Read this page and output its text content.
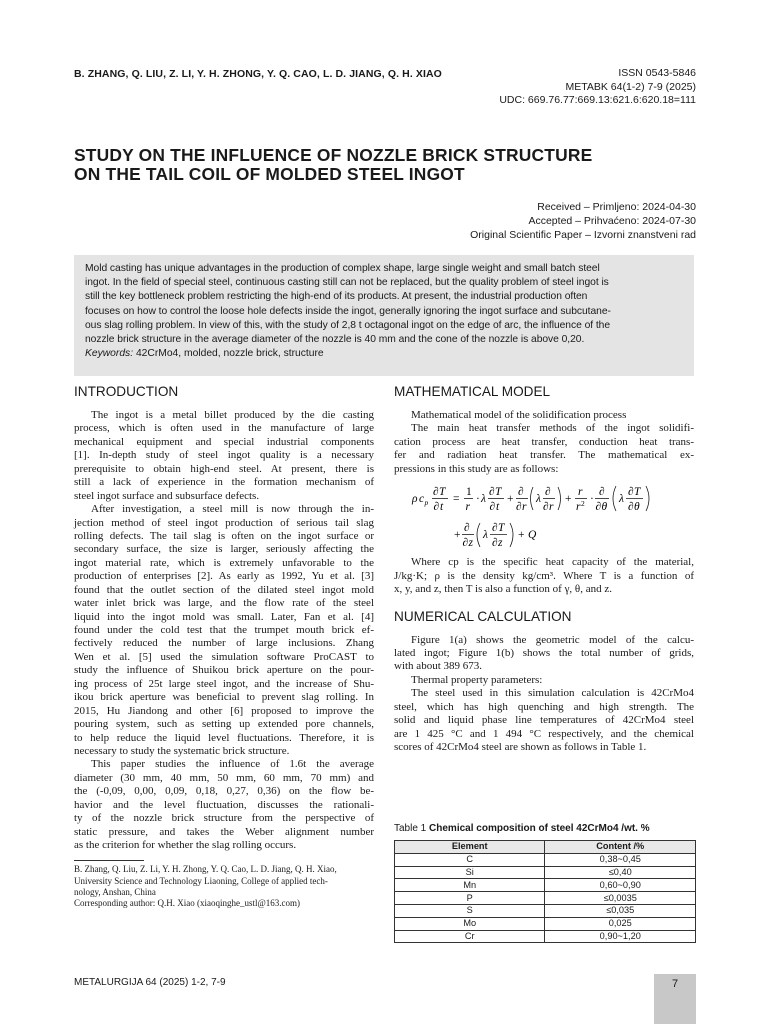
B. ZHANG, Q. LIU, Z. LI, Y. H. ZHONG, Y. Q. CAO, L. D. JIANG, Q. H. XIAO	ISSN 0543-5846
METABK 64(1-2) 7-9 (2025)
UDC: 669.76.77:669.13:621.6:620.18=111
STUDY ON THE INFLUENCE OF NOZZLE BRICK STRUCTURE
ON THE TAIL COIL OF MOLDED STEEL INGOT
Received – Primljeno: 2024-04-30
Accepted – Prihvaćeno: 2024-07-30
Original Scientific Paper – Izvorni znanstveni rad
Mold casting has unique advantages in the production of complex shape, large single weight and small batch steel
ingot. In the field of special steel, continuous casting still can not be replaced, but the quality problem of steel ingot is
still the key bottleneck problem restricting the high-end of its products. At present, the industrial production often
focuses on how to control the loose hole defects inside the ingot, generally ignoring the ingot surface and subcutane-
ous slag rolling problem. In view of this, with the study of 2,8 t octagonal ingot on the edge of arc, the influence of the
nozzle brick structure in the average diameter of the nozzle is 40 mm and the cone of the nozzle is above 0,20.
Keywords: 42CrMo4, molded, nozzle brick, structure
INTRODUCTION
The ingot is a metal billet produced by the die casting
process, which is often used in the manufacture of large
mechanical equipment and special industrial components
[1]. In-depth study of steel ingot quality is a necessary
prerequisite to obtain high-end steel. At present, there is
still a lack of experience in the formation mechanism of
steel ingot surface and subsurface defects.
After investigation, a steel mill is now through the in-
jection method of steel ingot production of serious tail slag
rolling defects. The tail slag is often on the ingot surface or
secondary surface, the size is larger, seriously affecting the
ingot material rate, which is extremely unfavorable to the
production of enterprises [2]. As early as 1992, Yu et al. [3]
found that the outlet section of the dilated steel ingot mold
water inlet brick was large, and the flow rate of the steel
liquid into the ingot mold was small. Later, Fan et al. [4]
found under the cold test that the trumpet mouth brick ef-
fectively reduced the number of large inclusions. Zhang
Wen et al. [5] used the simulation software ProCAST to
study the influence of Shuikou brick aperture on the pour-
ing process of 25t large steel ingot, and the increase of Shu-
ikou brick aperture was beneficial to prevent slag rolling. In
2015, Hu Jiandong and other [6] proposed to improve the
pouring system, such as setting up extended pore channels,
to help reduce the liquid level fluctuations. Therefore, it is
necessary to study the systematic brick structure.
This paper studies the influence of 1.6t the average
diameter (30 mm, 40 mm, 50 mm, 60 mm, 70 mm) and
the (-0,09, 0,00, 0,09, 0,18, 0,27, 0,36) on the flow be-
havior and the level fluctuation, discusses the rationali-
ty of the nozzle brick structure from the perspective of
static pressure, and takes the Weber alignment number
as the criterion for whether the slag rolling occurs.
B. Zhang, Q. Liu, Z. Li, Y. H. Zhong, Y. Q. Cao, L. D. Jiang, Q. H. Xiao,
University Science and Technology Liaoning, College of applied tech-
nology, Anshan, China
Corresponding author: Q.H. Xiao (xiaoqinghe_ustl@163.com)
MATHEMATICAL MODEL
Mathematical model of the solidification process
The main heat transfer methods of the ingot solidifi-
cation process are heat transfer, conduction heat trans-
fer and radiation heat transfer. The mathematical ex-
pressions in this study are as follows:
ρ c p
∂ T
∂ t
=
1
r
· λ
∂ T
∂ t
+
∂
∂ r
λ
∂
∂ r
+
r
r 2 ·
∂
∂ θ
λ
∂ T
∂ θ
+
∂
∂ z
λ
∂ T
∂ z
+ Q
Where cp is the specific heat capacity of the material,
J/kg·K; ρ is the density kg/cm³. Where T is a function of
x, y, and z, then T is also a function of γ, θ, and z.
NUMERICAL CALCULATION
Figure 1(a) shows the geometric model of the calcu-
lated ingot; Figure 1(b) shows the total number of grids,
with about 389 673.
Thermal property parameters:
The steel used in this simulation calculation is 42CrMo4
steel, which has high quenching and high strength. The
solid and liquid phase line temperatures of 42CrMo4 steel
are 1 425 °C and 1 494 °C respectively, and the chemical
scores of 42CrMo4 steel are shown as follows in Table 1.
Table 1 Chemical composition of steel 42CrMo4 /wt. %
Element	Content /%
C	0,38~0,45
Si	≤0,40
Mn	0,60~0,90
P	≤0,0035
S	≤0,035
Mo	0,025
Cr	0,90~1,20
METALURGIJA 64 (2025) 1-2, 7-9	7
